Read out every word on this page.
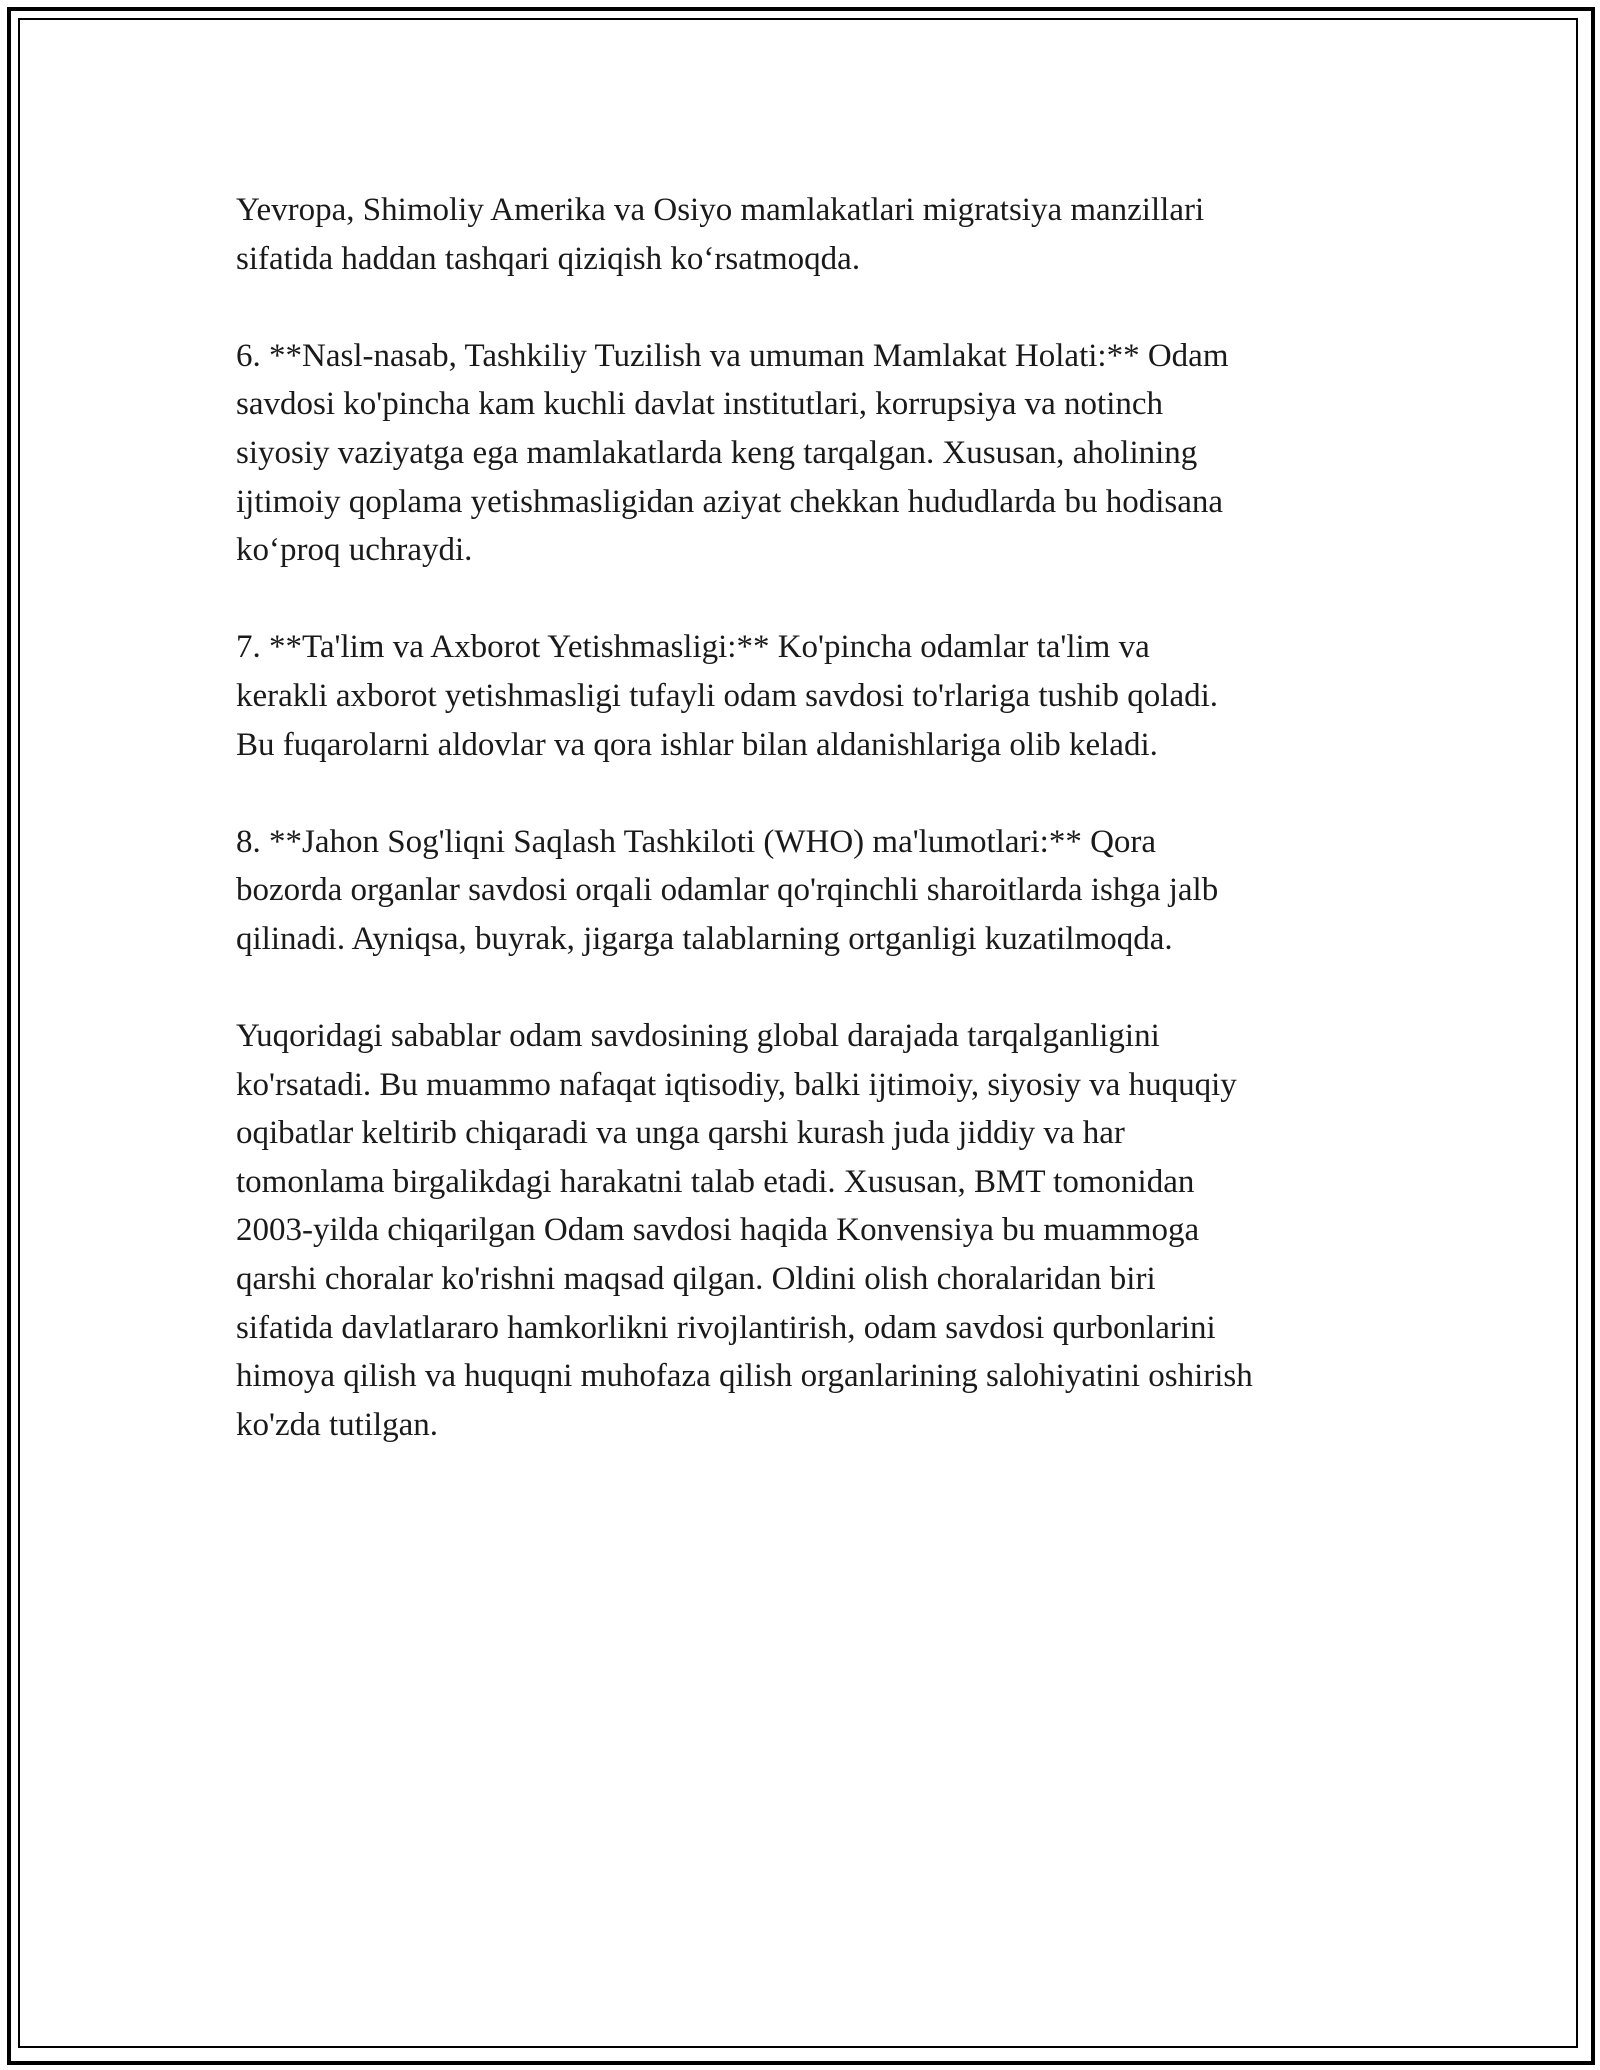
Yevropa, Shimoliy Amerika va Osiyo mamlakatlari migratsiya manzillari
sifatida haddan tashqari qiziqish ko‘rsatmoqda.

6. **Nasl-nasab, Tashkiliy Tuzilish va umuman Mamlakat Holati:** Odam
savdosi ko'pincha kam kuchli davlat institutlari, korrupsiya va notinch
siyosiy vaziyatga ega mamlakatlarda keng tarqalgan. Xususan, aholining
ijtimoiy qoplama yetishmasligidan aziyat chekkan hududlarda bu hodisana
ko‘proq uchraydi.

7. **Ta'lim va Axborot Yetishmasligi:** Ko'pincha odamlar ta'lim va
kerakli axborot yetishmasligi tufayli odam savdosi to'rlariga tushib qoladi.
Bu fuqarolarni aldovlar va qora ishlar bilan aldanishlariga olib keladi.

8. **Jahon Sog'liqni Saqlash Tashkiloti (WHO) ma'lumotlari:** Qora
bozorda organlar savdosi orqali odamlar qo'rqinchli sharoitlarda ishga jalb
qilinadi. Ayniqsa, buyrak, jigarga talablarning ortganligi kuzatilmoqda.

Yuqoridagi sabablar odam savdosining global darajada tarqalganligini
ko'rsatadi. Bu muammo nafaqat iqtisodiy, balki ijtimoiy, siyosiy va huquqiy
oqibatlar keltirib chiqaradi va unga qarshi kurash juda jiddiy va har
tomonlama birgalikdagi harakatni talab etadi. Xususan, BMT tomonidan
2003-yilda chiqarilgan Odam savdosi haqida Konvensiya bu muammoga
qarshi choralar ko'rishni maqsad qilgan. Oldini olish choralaridan biri
sifatida davlatlararo hamkorlikni rivojlantirish, odam savdosi qurbonlarini
himoya qilish va huquqni muhofaza qilish organlarining salohiyatini oshirish
ko'zda tutilgan.
